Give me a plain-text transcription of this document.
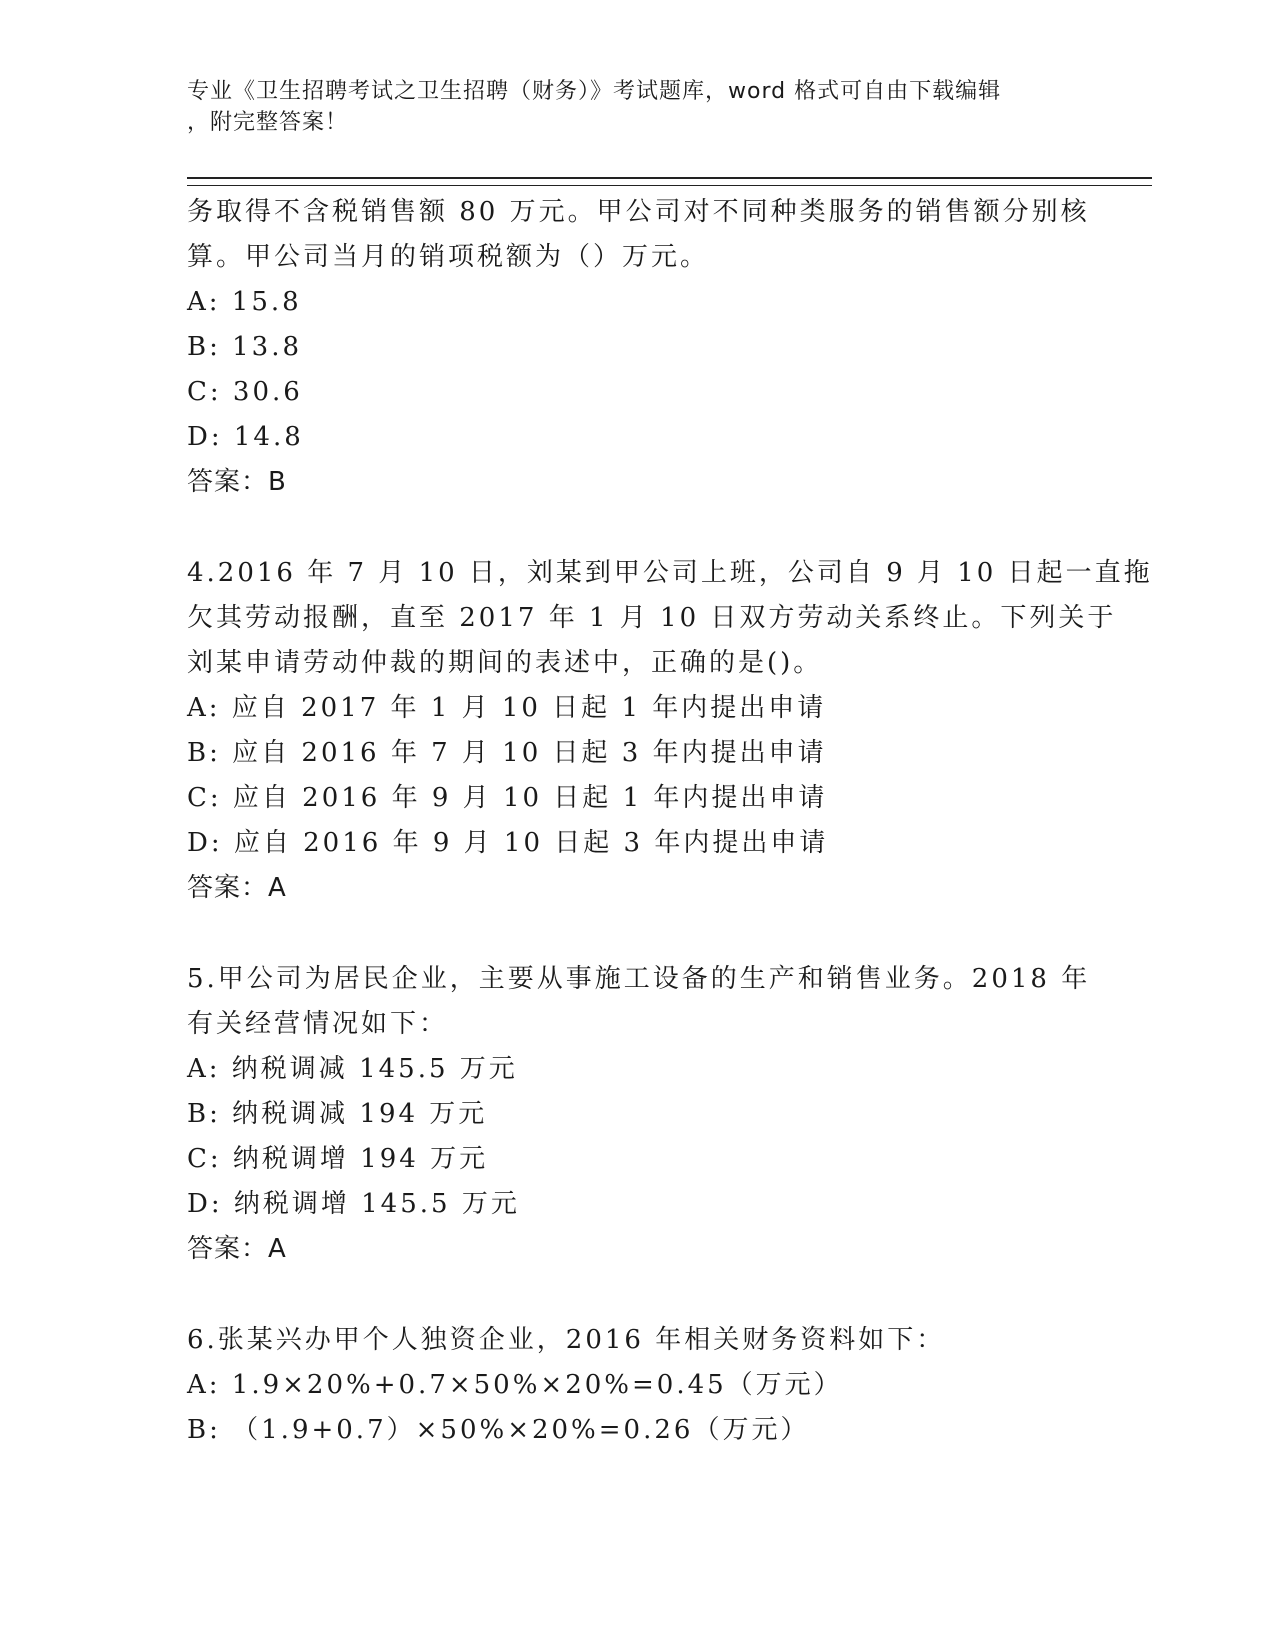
专业《卫生招聘考试之卫生招聘（财务）》考试题库，word 格式可自由下载编辑
，附完整答案！
务取得不含税销售额 80 万元。甲公司对不同种类服务的销售额分别核
算。甲公司当月的销项税额为（）万元。
A: 15.8
B: 13.8
C: 30.6
D: 14.8
答案：B
4.2016 年 7 月 10 日，刘某到甲公司上班，公司自 9 月 10 日起一直拖
欠其劳动报酬，直至 2017 年 1 月 10 日双方劳动关系终止。下列关于
刘某申请劳动仲裁的期间的表述中，正确的是()。
A: 应自 2017 年 1 月 10 日起 1 年内提出申请
B: 应自 2016 年 7 月 10 日起 3 年内提出申请
C: 应自 2016 年 9 月 10 日起 1 年内提出申请
D: 应自 2016 年 9 月 10 日起 3 年内提出申请
答案：A
5.甲公司为居民企业，主要从事施工设备的生产和销售业务。2018 年
有关经营情况如下：
A: 纳税调减 145.5 万元
B: 纳税调减 194 万元
C: 纳税调增 194 万元
D: 纳税调增 145.5 万元
答案：A
6.张某兴办甲个人独资企业，2016 年相关财务资料如下：
A: 1.9×20%+0.7×50%×20%=0.45（万元）
B: （1.9+0.7）×50%×20%=0.26（万元）
